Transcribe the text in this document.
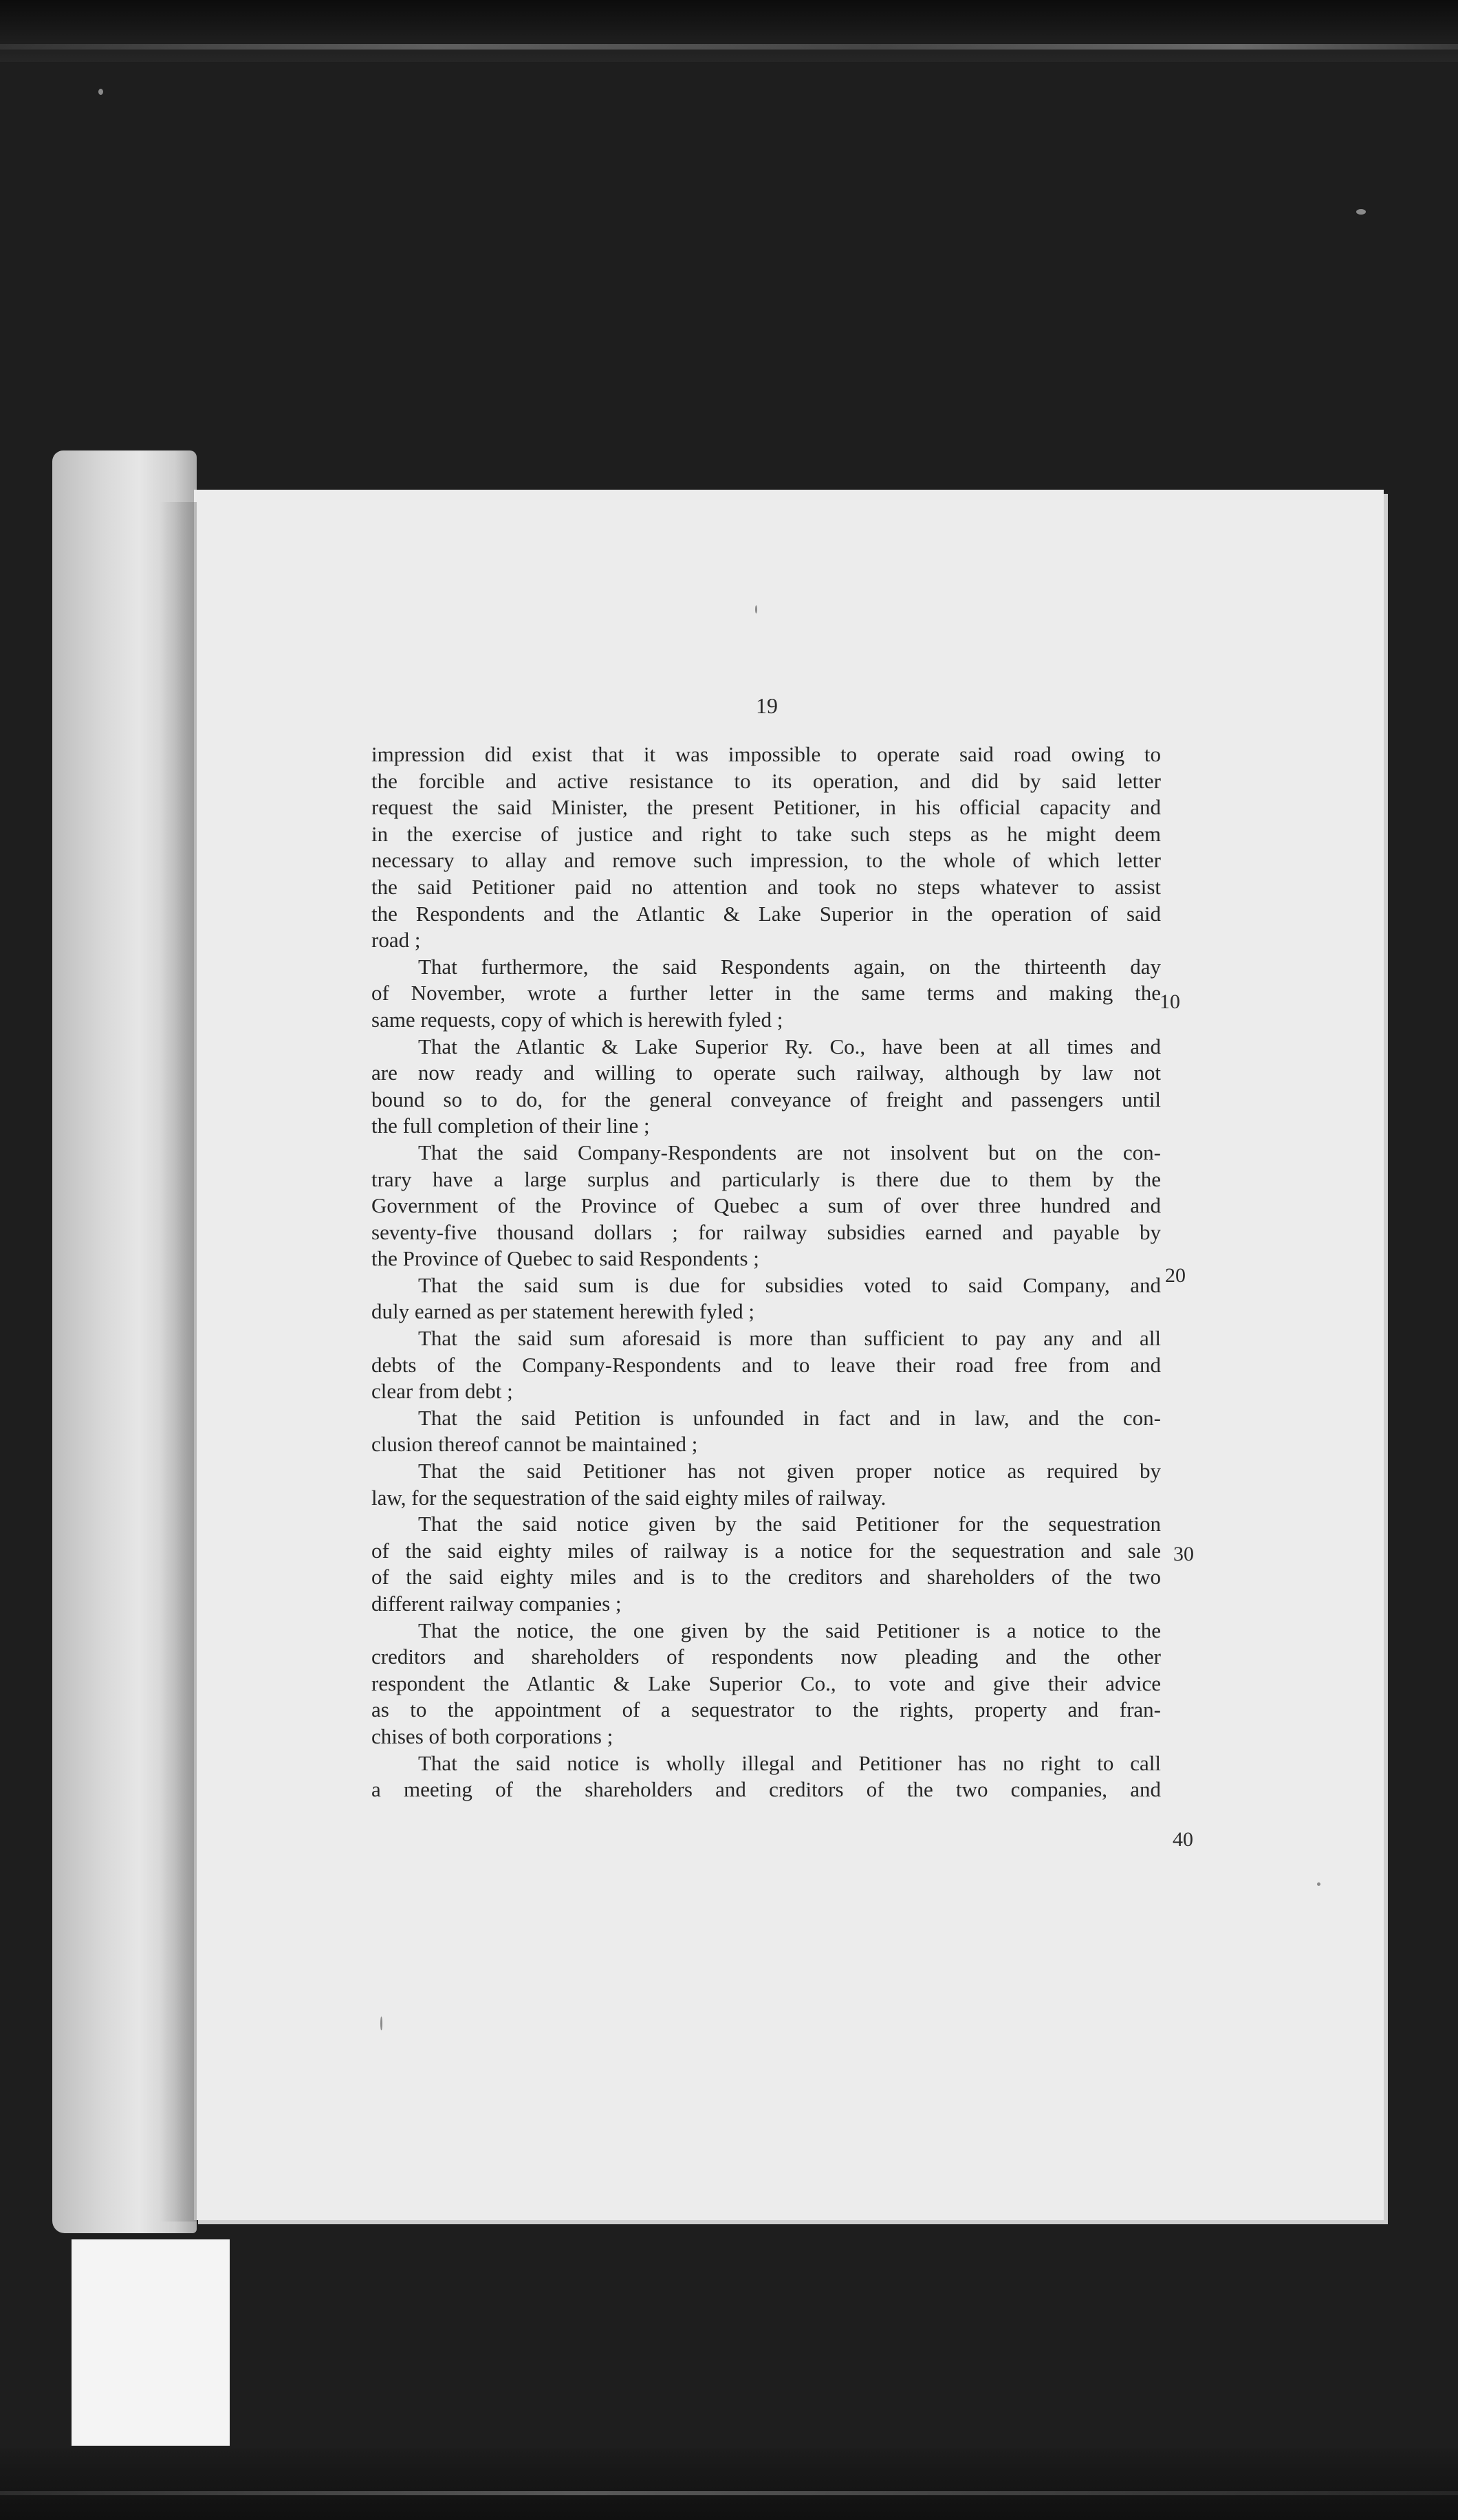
19
impression did exist that it was impossible to operate said road owing to
the forcible and active resistance to its operation, and did by said letter
request the said Minister, the present Petitioner, in his official capacity and
in the exercise of justice and right to take such steps as he might deem
necessary to allay and remove such impression, to the whole of which letter
the said Petitioner paid no attention and took no steps whatever to assist
the Respondents and the Atlantic & Lake Superior in the operation of said
road ;
That furthermore, the said Respondents again, on the thirteenth day
of November, wrote a further letter in the same terms and making the
same requests, copy of which is herewith fyled ;
That the Atlantic & Lake Superior Ry. Co., have been at all times and
are now ready and willing to operate such railway, although by law not
bound so to do, for the general conveyance of freight and passengers until
the full completion of their line ;
That the said Company-Respondents are not insolvent but on the con-
trary have a large surplus and particularly is there due to them by the
Government of the Province of Quebec a sum of over three hundred and
seventy-five thousand dollars ; for railway subsidies earned and payable by
the Province of Quebec to said Respondents ;
That the said sum is due for subsidies voted to said Company, and
duly earned as per statement herewith fyled ;
That the said sum aforesaid is more than sufficient to pay any and all
debts of the Company-Respondents and to leave their road free from and
clear from debt ;
That the said Petition is unfounded in fact and in law, and the con-
clusion thereof cannot be maintained ;
That the said Petitioner has not given proper notice as required by
law, for the sequestration of the said eighty miles of railway.
That the said notice given by the said Petitioner for the sequestration
of the said eighty miles of railway is a notice for the sequestration and sale
of the said eighty miles and is to the creditors and shareholders of the two
different railway companies ;
That the notice, the one given by the said Petitioner is a notice to the
creditors and shareholders of respondents now pleading and the other
respondent the Atlantic & Lake Superior Co., to vote and give their advice
as to the appointment of a sequestrator to the rights, property and fran-
chises of both corporations ;
That the said notice is wholly illegal and Petitioner has no right to call
a meeting of the shareholders and creditors of the two companies, and
10
20
30
40
